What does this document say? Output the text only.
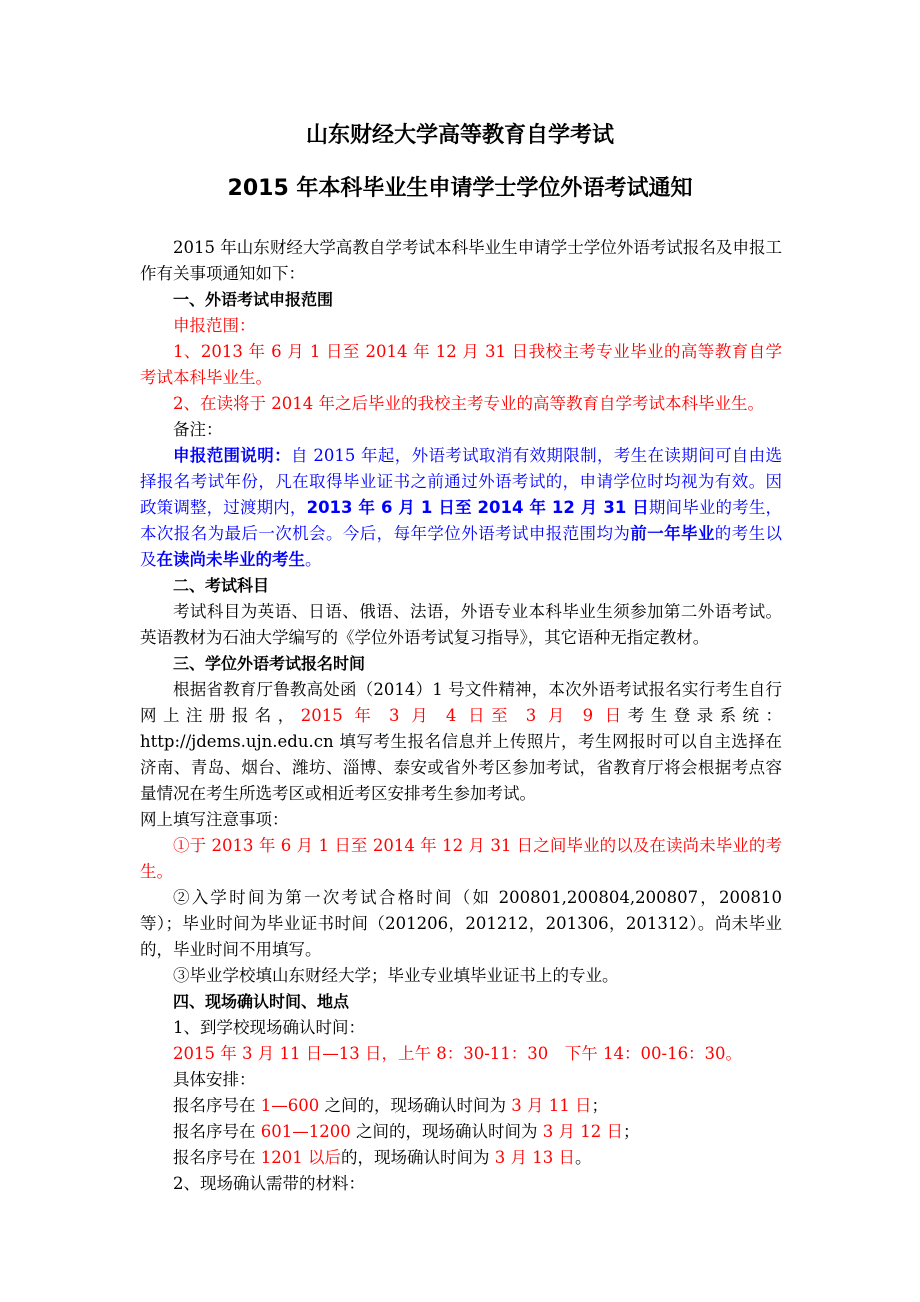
山东财经大学高等教育自学考试
2015 年本科毕业生申请学士学位外语考试通知

2015 年山东财经大学高教自学考试本科毕业生申请学士学位外语考试报名及申报工作有关事项通知如下：

一、外语考试申报范围

申报范围：

1、2013 年 6 月 1 日至 2014 年 12 月 31 日我校主考专业毕业的高等教育自学考试本科毕业生。

2、在读将于 2014 年之后毕业的我校主考专业的高等教育自学考试本科毕业生。

备注：

申报范围说明：自 2015 年起，外语考试取消有效期限制，考生在读期间可自由选择报名考试年份，凡在取得毕业证书之前通过外语考试的，申请学位时均视为有效。因政策调整，过渡期内，2013 年 6 月 1 日至 2014 年 12 月 31 日期间毕业的考生，本次报名为最后一次机会。今后，每年学位外语考试申报范围均为前一年毕业的考生以及在读尚未毕业的考生。

二、考试科目

考试科目为英语、日语、俄语、法语，外语专业本科毕业生须参加第二外语考试。英语教材为石油大学编写的《学位外语考试复习指导》，其它语种无指定教材。

三、学位外语考试报名时间

根据省教育厅鲁教高处函（2014）1 号文件精神，本次外语考试报名实行考生自行网上注册报名，2015 年 3 月 4 日至 3 月 9 日考生登录系统：http://jdems.ujn.edu.cn 填写考生报名信息并上传照片，考生网报时可以自主选择在济南、青岛、烟台、潍坊、淄博、泰安或省外考区参加考试，省教育厅将会根据考点容量情况在考生所选考区或相近考区安排考生参加考试。

网上填写注意事项：

①于 2013 年 6 月 1 日至 2014 年 12 月 31 日之间毕业的以及在读尚未毕业的考生。

②入学时间为第一次考试合格时间（如 200801,200804,200807，200810 等）；毕业时间为毕业证书时间（201206，201212，201306，201312）。尚未毕业的，毕业时间不用填写。

③毕业学校填山东财经大学；毕业专业填毕业证书上的专业。

四、现场确认时间、地点

1、到学校现场确认时间：

2015 年 3 月 11 日—13 日，上午 8：30-11：30　下午 14：00-16：30。

具体安排：

报名序号在 1—600 之间的，现场确认时间为 3 月 11 日；

报名序号在 601—1200 之间的，现场确认时间为 3 月 12 日；

报名序号在 1201 以后的，现场确认时间为 3 月 13 日。

2、现场确认需带的材料：
